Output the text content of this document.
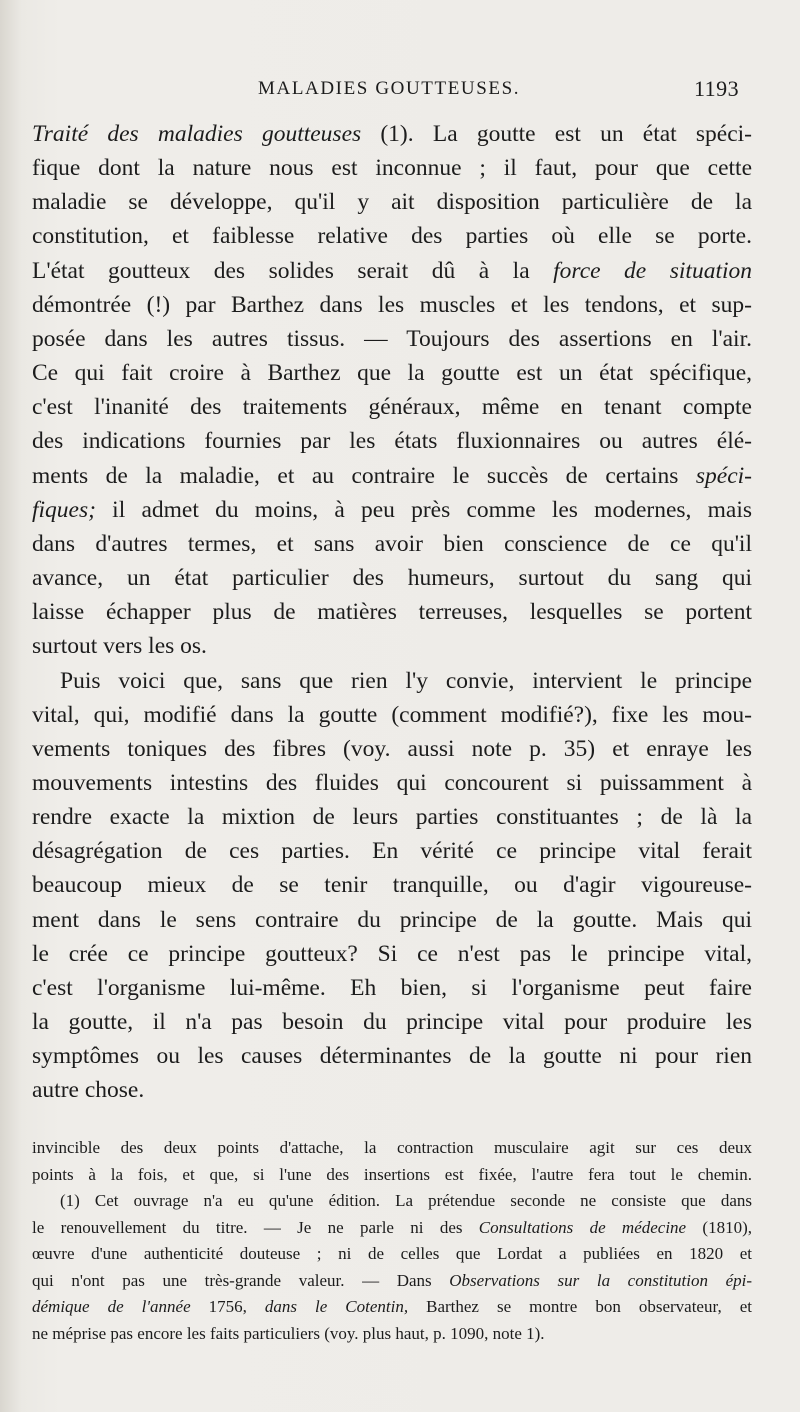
MALADIES GOUTTEUSES.	1193
Traité des maladies goutteuses (1). La goutte est un état spéci-
fique dont la nature nous est inconnue ; il faut, pour que cette
maladie se développe, qu'il y ait disposition particulière de la
constitution, et faiblesse relative des parties où elle se porte.
L'état goutteux des solides serait dû à la force de situation
démontrée (!) par Barthez dans les muscles et les tendons, et sup-
posée dans les autres tissus. — Toujours des assertions en l'air.
Ce qui fait croire à Barthez que la goutte est un état spécifique,
c'est l'inanité des traitements généraux, même en tenant compte
des indications fournies par les états fluxionnaires ou autres élé-
ments de la maladie, et au contraire le succès de certains spéci-
fiques; il admet du moins, à peu près comme les modernes, mais
dans d'autres termes, et sans avoir bien conscience de ce qu'il
avance, un état particulier des humeurs, surtout du sang qui
laisse échapper plus de matières terreuses, lesquelles se portent
surtout vers les os.
Puis voici que, sans que rien l'y convie, intervient le principe
vital, qui, modifié dans la goutte (comment modifié?), fixe les mou-
vements toniques des fibres (voy. aussi note p. 35) et enraye les
mouvements intestins des fluides qui concourent si puissamment à
rendre exacte la mixtion de leurs parties constituantes ; de là la
désagrégation de ces parties. En vérité ce principe vital ferait
beaucoup mieux de se tenir tranquille, ou d'agir vigoureuse-
ment dans le sens contraire du principe de la goutte. Mais qui
le crée ce principe goutteux? Si ce n'est pas le principe vital,
c'est l'organisme lui-même. Eh bien, si l'organisme peut faire
la goutte, il n'a pas besoin du principe vital pour produire les
symptômes ou les causes déterminantes de la goutte ni pour rien
autre chose.
invincible des deux points d'attache, la contraction musculaire agit sur ces deux
points à la fois, et que, si l'une des insertions est fixée, l'autre fera tout le chemin.
(1) Cet ouvrage n'a eu qu'une édition. La prétendue seconde ne consiste que dans
le renouvellement du titre. — Je ne parle ni des Consultations de médecine (1810),
œuvre d'une authenticité douteuse ; ni de celles que Lordat a publiées en 1820 et
qui n'ont pas une très-grande valeur. — Dans Observations sur la constitution épi-
démique de l'année 1756, dans le Cotentin, Barthez se montre bon observateur, et
ne méprise pas encore les faits particuliers (voy. plus haut, p. 1090, note 1).
